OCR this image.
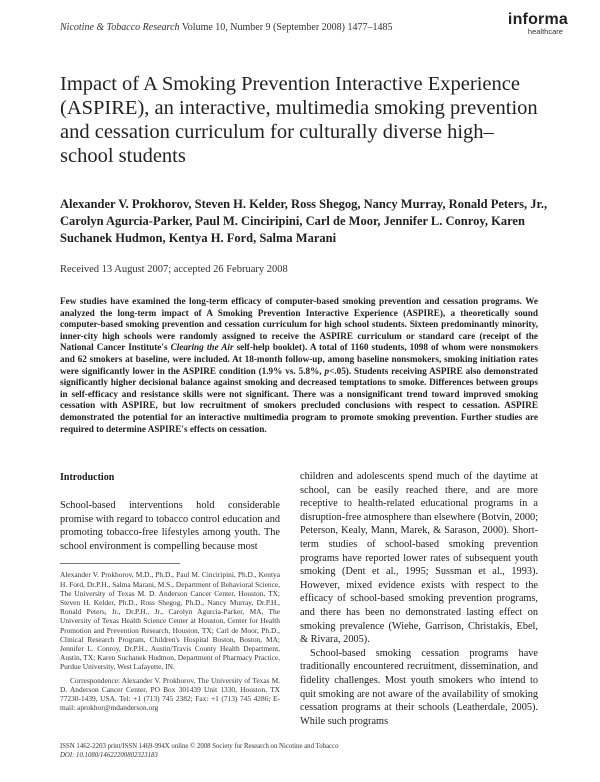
Nicotine & Tobacco Research Volume 10, Number 9 (September 2008) 1477–1485	informa
healthcare
Impact of A Smoking Prevention Interactive Experience (ASPIRE), an interactive, multimedia smoking prevention and cessation curriculum for culturally diverse high–school students
Alexander V. Prokhorov, Steven H. Kelder, Ross Shegog, Nancy Murray, Ronald Peters, Jr., Carolyn Agurcia-Parker, Paul M. Cinciripini, Carl de Moor, Jennifer L. Conroy, Karen Suchanek Hudmon, Kentya H. Ford, Salma Marani
Received 13 August 2007; accepted 26 February 2008
Few studies have examined the long-term efficacy of computer-based smoking prevention and cessation programs. We analyzed the long-term impact of A Smoking Prevention Interactive Experience (ASPIRE), a theoretically sound computer-based smoking prevention and cessation curriculum for high school students. Sixteen predominantly minority, inner-city high schools were randomly assigned to receive the ASPIRE curriculum or standard care (receipt of the National Cancer Institute's Clearing the Air self-help booklet). A total of 1160 students, 1098 of whom were nonsmokers and 62 smokers at baseline, were included. At 18-month follow-up, among baseline nonsmokers, smoking initiation rates were significantly lower in the ASPIRE condition (1.9% vs. 5.8%, p<.05). Students receiving ASPIRE also demonstrated significantly higher decisional balance against smoking and decreased temptations to smoke. Differences between groups in self-efficacy and resistance skills were not significant. There was a nonsignificant trend toward improved smoking cessation with ASPIRE, but low recruitment of smokers precluded conclusions with respect to cessation. ASPIRE demonstrated the potential for an interactive multimedia program to promote smoking prevention. Further studies are required to determine ASPIRE's effects on cessation.
Introduction

School-based interventions hold considerable promise with regard to tobacco control education and promoting tobacco-free lifestyles among youth. The school environment is compelling because most

Alexander V. Prokhorov, M.D., Ph.D., Paul M. Cinciripini, Ph.D., Kentya H. Ford, Dr.P.H., Salma Marani, M.S., Department of Behavioral Science, The University of Texas M. D. Anderson Cancer Center, Houston, TX; Steven H. Kelder, Ph.D., Ross Shegog, Ph.D., Nancy Murray, Dr.P.H., Ronald Peters, Jr., Dr.P.H., Jr., Carolyn Agurcia-Parker, MA, The University of Texas Health Science Center at Houston, Center for Health Promotion and Prevention Research, Houston, TX; Carl de Moor, Ph.D., Clinical Research Program, Children's Hospital Boston, Boston, MA; Jennifer L. Conroy, Dr.P.H., Austin/Travis County Health Department, Austin, TX; Karen Suchanek Hudmon, Department of Pharmacy Practice, Purdue University, West Lafayette, IN.

Correspondence: Alexander V. Prokhorov, The University of Texas M. D. Anderson Cancer Center, PO Box 301439 Unit 1330, Houston, TX 77230-1439, USA. Tel: +1 (713) 745 2382; Fax: +1 (713) 745 4286; E-mail: aprokhor@mdanderson.org

children and adolescents spend much of the daytime at school, can be easily reached there, and are more receptive to health-related educational programs in a disruption-free atmosphere than elsewhere (Botvin, 2000; Peterson, Kealy, Mann, Marek, & Sarason, 2000). Short-term studies of school-based smoking prevention programs have reported lower rates of subsequent youth smoking (Dent et al., 1995; Sussman et al., 1993). However, mixed evidence exists with respect to the efficacy of school-based smoking prevention programs, and there has been no demonstrated lasting effect on smoking prevalence (Wiehe, Garrison, Christakis, Ebel, & Rivara, 2005).

School-based smoking cessation programs have traditionally encountered recruitment, dissemination, and fidelity challenges. Most youth smokers who intend to quit smoking are not aware of the availability of smoking cessation programs at their schools (Leatherdale, 2005). While such programs

ISSN 1462-2203 print/ISSN 1469-994X online © 2008 Society for Research on Nicotine and Tobacco
DOI: 10.1080/14622200802323183
